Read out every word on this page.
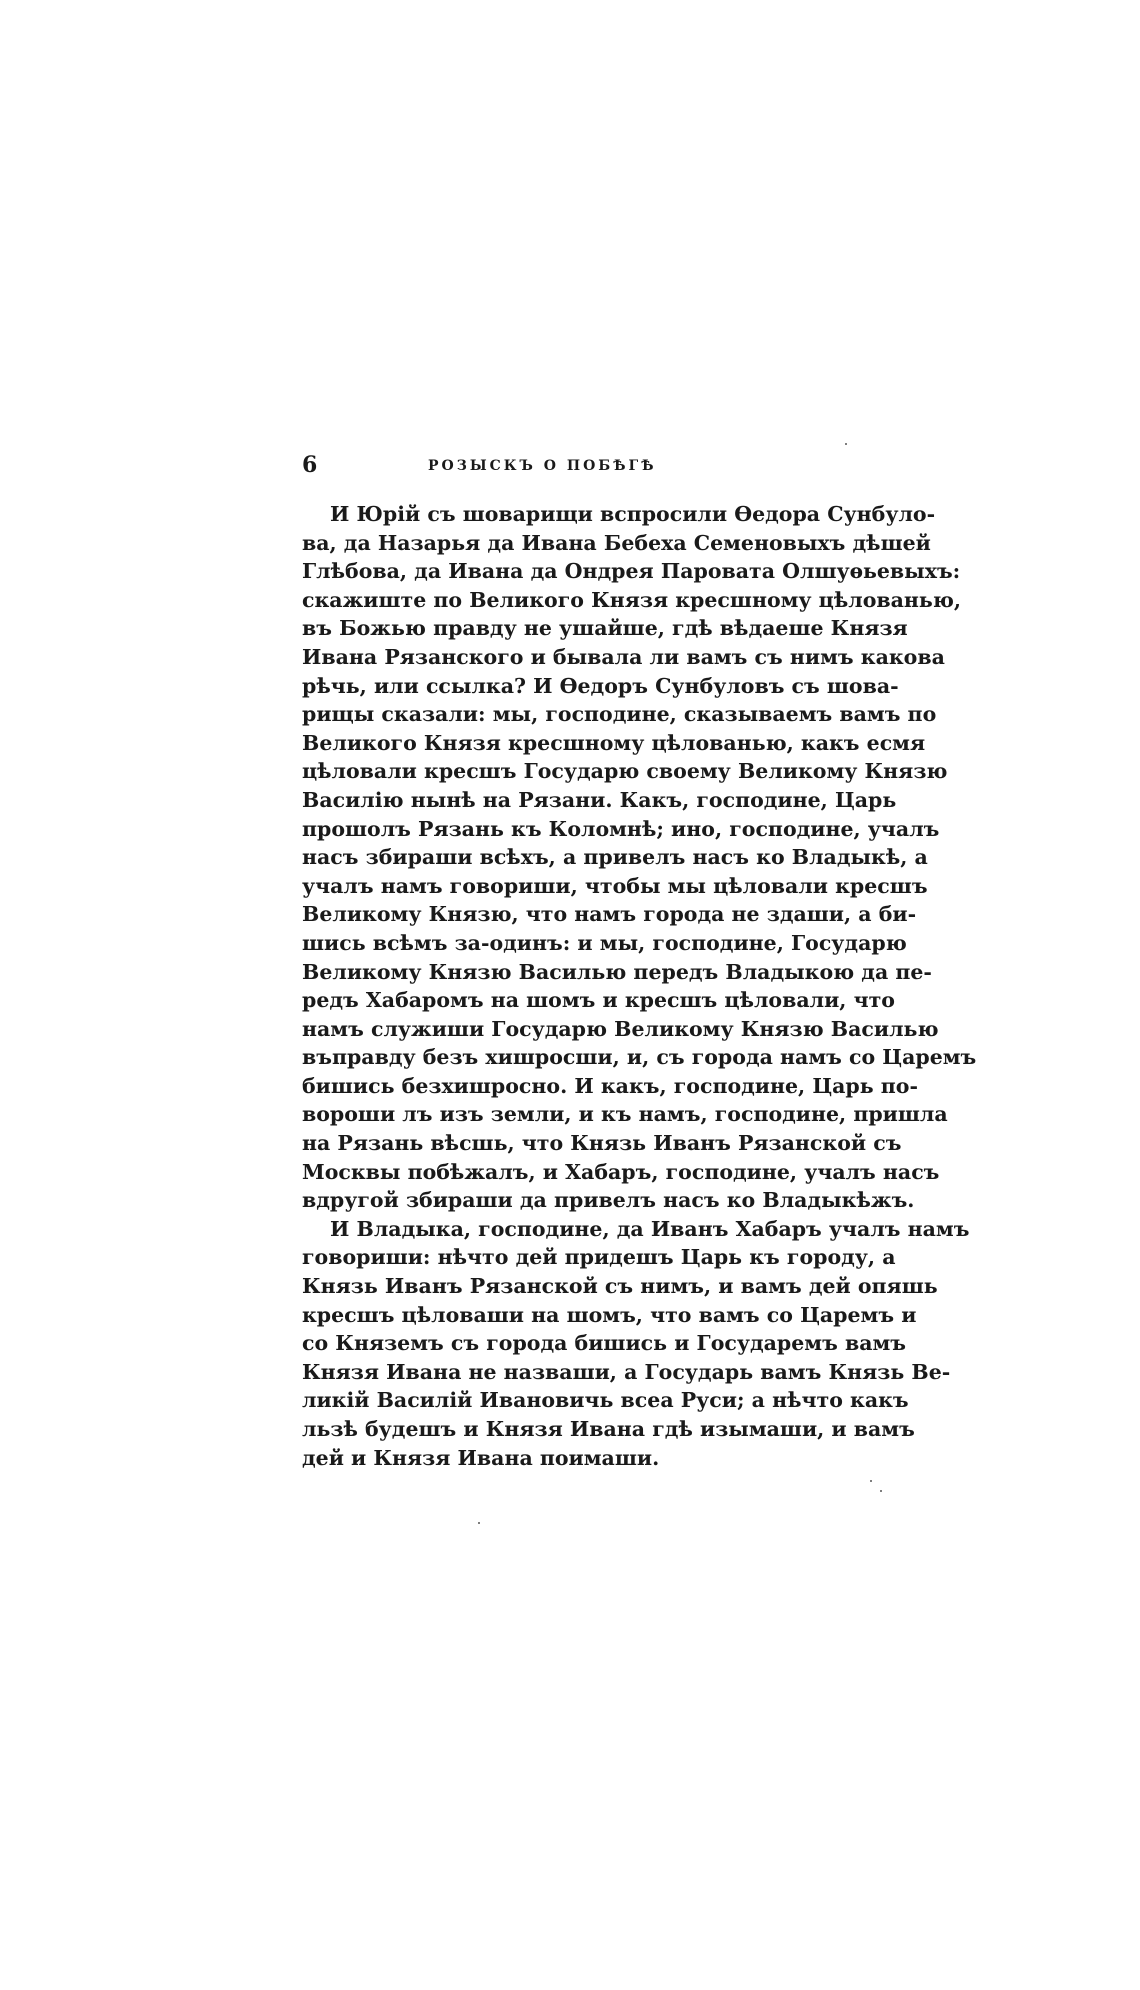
6	РОЗЫСКЪ О ПОБѢГѢ
И Юрій съ шоварищи вспросили Ѳедора Сунбуло-
ва, да Назарья да Ивана Бебеха Семеновыхъ дѣшей
Глѣбова, да Ивана да Ондрея Паровата Олшуѳьевыхъ:
скажиште по Великого Князя кресшному цѣлованью,
въ Божью правду не ушайше, гдѣ вѣдаеше Князя
Ивана Рязанского и бывала ли вамъ съ нимъ какова
рѣчь, или ссылка? И Ѳедоръ Сунбуловъ съ шова-
рищы сказали: мы, господине, сказываемъ вамъ по
Великого Князя кресшному цѣлованью, какъ есмя
цѣловали кресшъ Государю своему Великому Князю
Василію нынѣ на Рязани. Какъ, господине, Царь
прошолъ Рязань къ Коломнѣ; ино, господине, учалъ
насъ збираши всѣхъ, а привелъ насъ ко Владыкѣ, а
учалъ намъ говориши, чтобы мы цѣловали кресшъ
Великому Князю, что намъ города не здаши, а би-
шись всѣмъ за-одинъ: и мы, господине, Государю
Великому Князю Василью передъ Владыкою да пе-
редъ Хабаромъ на шомъ и кресшъ цѣловали, что
намъ служиши Государю Великому Князю Василью
въправду безъ хишросши, и, съ города намъ со Царемъ
бишись безхишросно. И какъ, господине, Царь по-
вороши лъ изъ земли, и къ намъ, господине, пришла
на Рязань вѣсшь, что Князь Иванъ Рязанской съ
Москвы побѣжалъ, и Хабаръ, господине, учалъ насъ
вдругой збираши да привелъ насъ ко Владыкѣжъ.
И Владыка, господине, да Иванъ Хабаръ учалъ намъ
говориши: нѣчто дей придешъ Царь къ городу, а
Князь Иванъ Рязанской съ нимъ, и вамъ дей опяшь
кресшъ цѣловаши на шомъ, что вамъ со Царемъ и
со Княземъ съ города бишись и Государемъ вамъ
Князя Ивана не назваши, а Государь вамъ Князь Ве-
ликій Василій Ивановичь всеа Руси; а нѣчто какъ
льзѣ будешъ и Князя Ивана гдѣ изымаши, и вамъ
дей и Князя Ивана поимаши.
